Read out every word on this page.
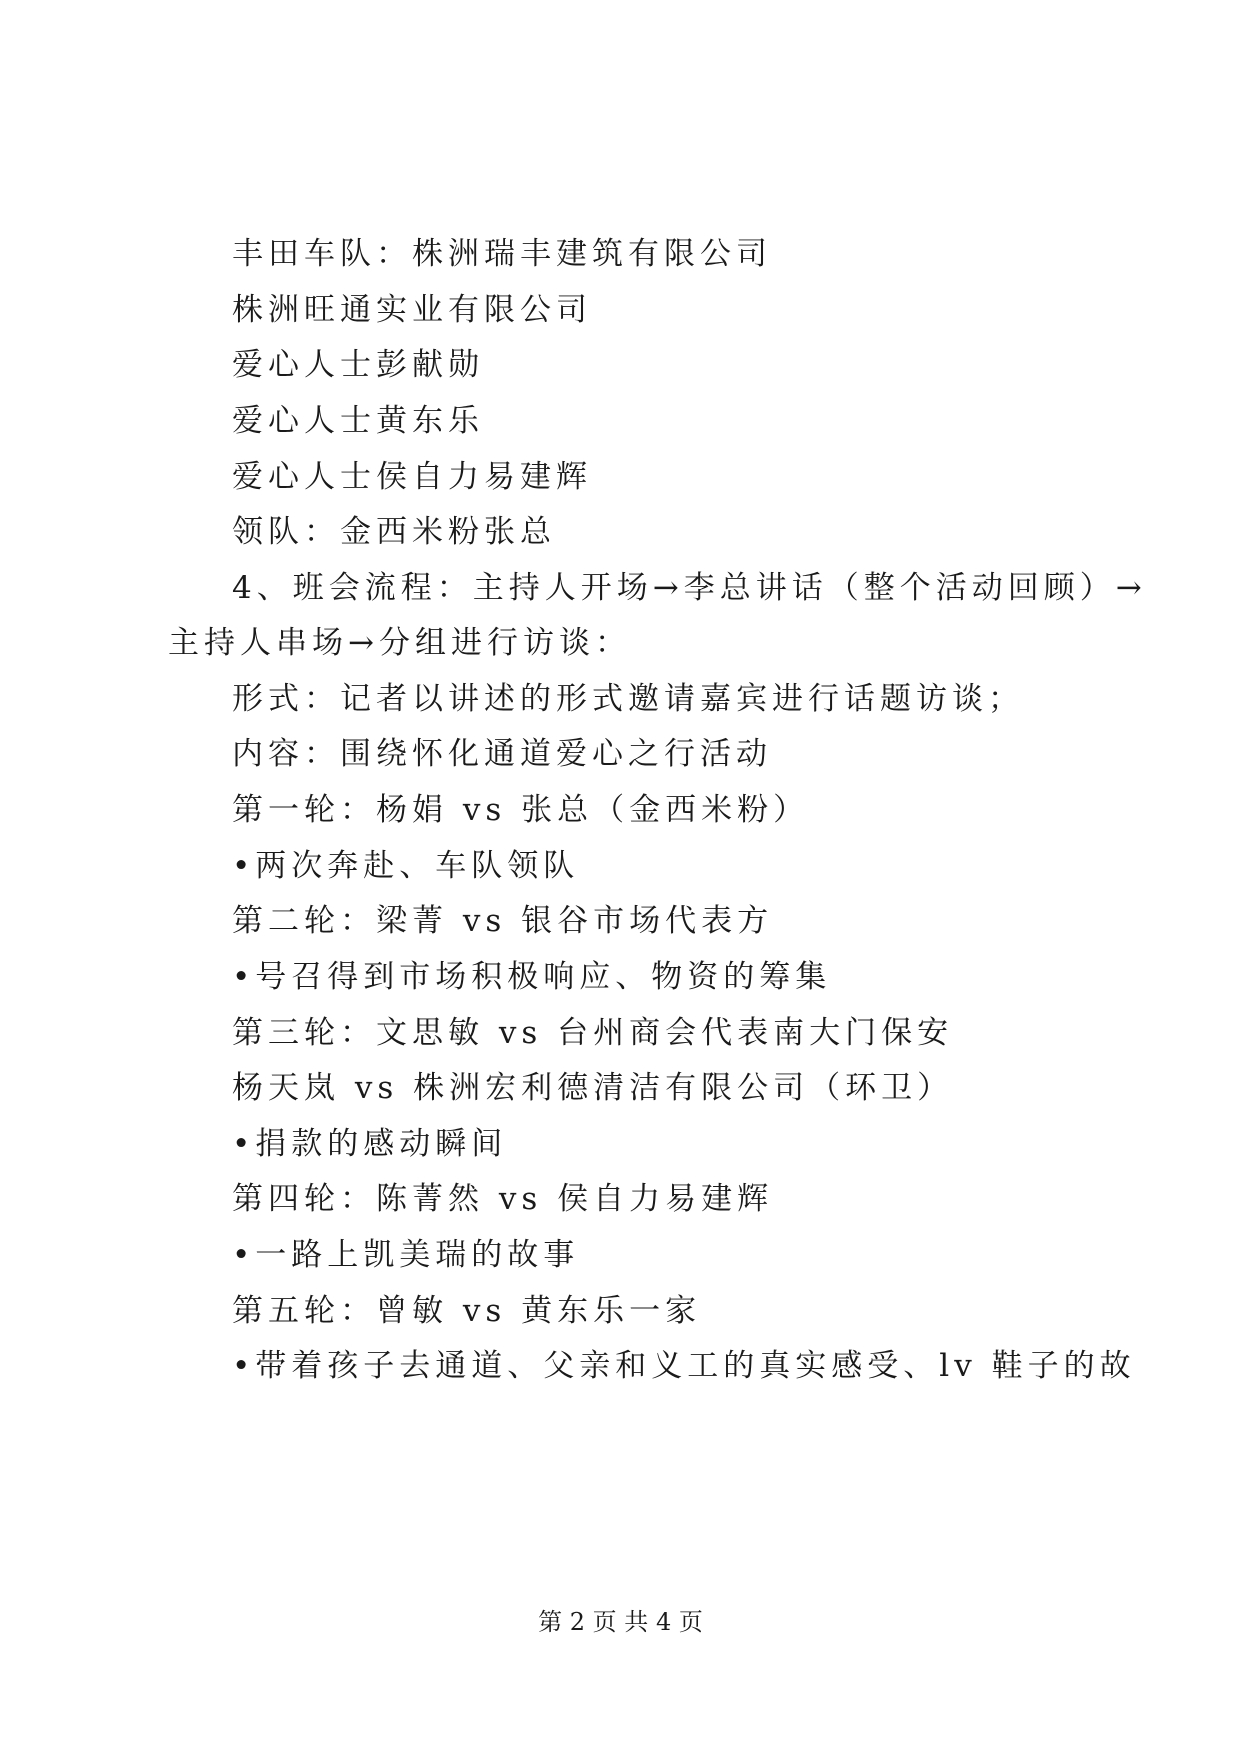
丰田车队：株洲瑞丰建筑有限公司

株洲旺通实业有限公司

爱心人士彭献勋

爱心人士黄东乐

爱心人士侯自力易建辉

领队：金西米粉张总

4、班会流程：主持人开场→李总讲话（整个活动回顾）→

主持人串场→分组进行访谈：

形式：记者以讲述的形式邀请嘉宾进行话题访谈；

内容：围绕怀化通道爱心之行活动

第一轮：杨娟 vs 张总（金西米粉）

•两次奔赴、车队领队

第二轮：梁菁 vs 银谷市场代表方

•号召得到市场积极响应、物资的筹集

第三轮：文思敏 vs 台州商会代表南大门保安

杨天岚 vs 株洲宏利德清洁有限公司（环卫）

•捐款的感动瞬间

第四轮：陈菁然 vs 侯自力易建辉

•一路上凯美瑞的故事

第五轮：曾敏 vs 黄东乐一家

•带着孩子去通道、父亲和义工的真实感受、lv 鞋子的故

第 2 页 共 4 页
